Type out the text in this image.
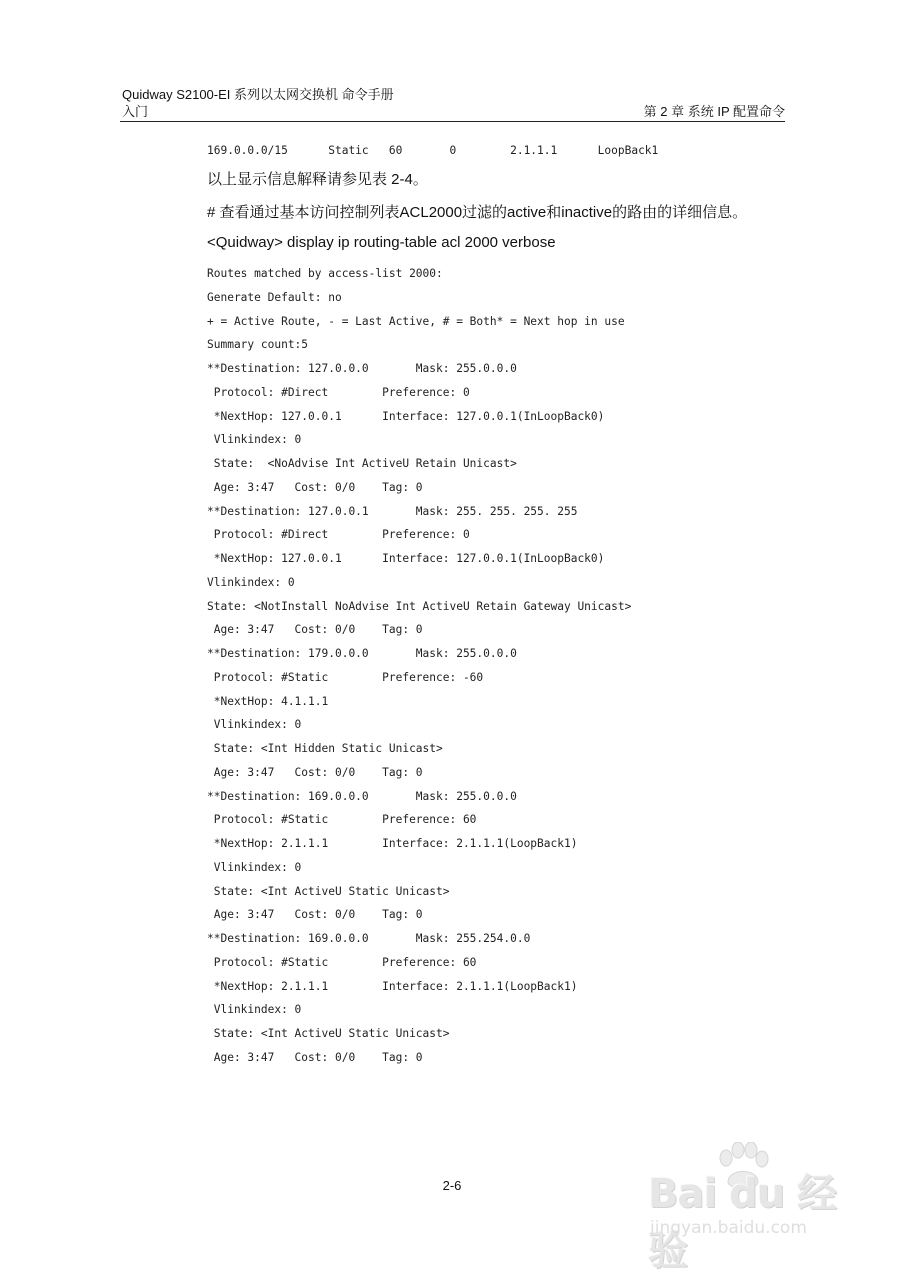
Quidway S2100-EI 系列以太网交换机 命令手册
入门	第 2 章 系统 IP 配置命令
169.0.0.0/15      Static   60       0        2.1.1.1      LoopBack1
以上显示信息解释请参见表 2-4。
# 查看通过基本访问控制列表ACL2000过滤的active和inactive的路由的详细信息。
<Quidway> display ip routing-table acl 2000 verbose
Routes matched by access-list 2000:
Generate Default: no
+ = Active Route, - = Last Active, # = Both* = Next hop in use
Summary count:5
**Destination: 127.0.0.0       Mask: 255.0.0.0
Protocol: #Direct        Preference: 0
*NextHop: 127.0.0.1      Interface: 127.0.0.1(InLoopBack0)
Vlinkindex: 0
State:  <NoAdvise Int ActiveU Retain Unicast>
Age: 3:47   Cost: 0/0    Tag: 0
**Destination: 127.0.0.1       Mask: 255. 255. 255. 255
Protocol: #Direct        Preference: 0
*NextHop: 127.0.0.1      Interface: 127.0.0.1(InLoopBack0)
Vlinkindex: 0
State: <NotInstall NoAdvise Int ActiveU Retain Gateway Unicast>
Age: 3:47   Cost: 0/0    Tag: 0
**Destination: 179.0.0.0       Mask: 255.0.0.0
Protocol: #Static        Preference: -60
*NextHop: 4.1.1.1
Vlinkindex: 0
State: <Int Hidden Static Unicast>
Age: 3:47   Cost: 0/0    Tag: 0
**Destination: 169.0.0.0       Mask: 255.0.0.0
Protocol: #Static        Preference: 60
*NextHop: 2.1.1.1        Interface: 2.1.1.1(LoopBack1)
Vlinkindex: 0
State: <Int ActiveU Static Unicast>
Age: 3:47   Cost: 0/0    Tag: 0
**Destination: 169.0.0.0       Mask: 255.254.0.0
Protocol: #Static        Preference: 60
*NextHop: 2.1.1.1        Interface: 2.1.1.1(LoopBack1)
Vlinkindex: 0
State: <Int ActiveU Static Unicast>
Age: 3:47   Cost: 0/0    Tag: 0
2-6	Bai du 经验
jingyan.baidu.com
